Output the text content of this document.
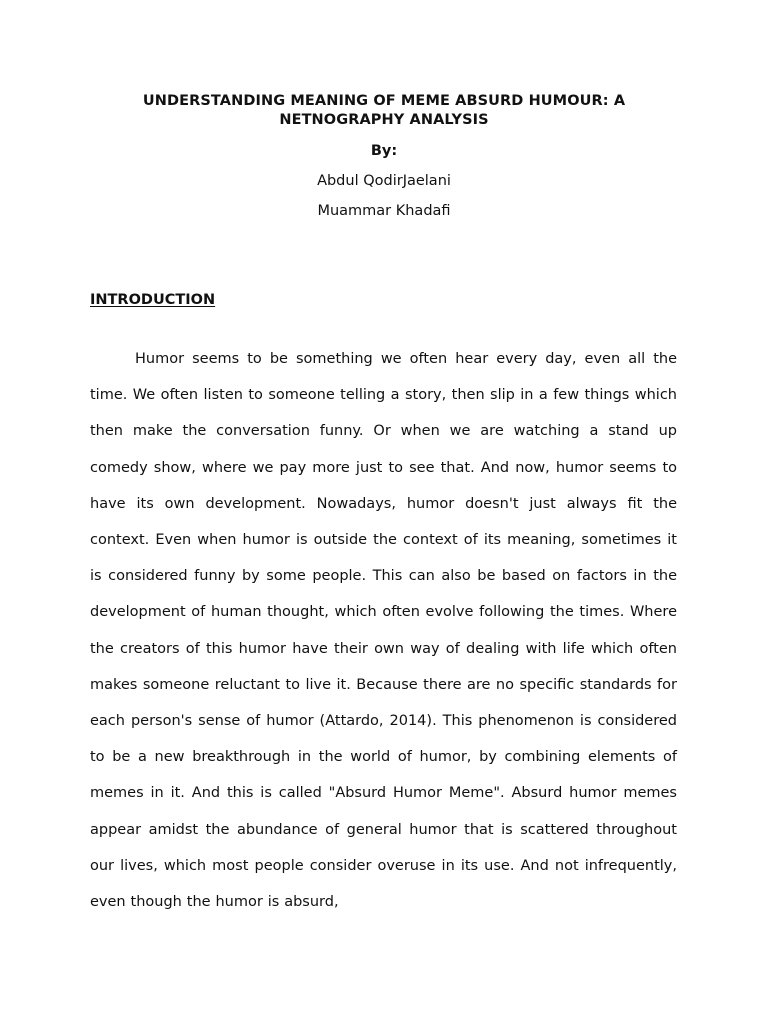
UNDERSTANDING MEANING OF MEME ABSURD HUMOUR: A NETNOGRAPHY ANALYSIS

By:

Abdul QodirJaelani

Muammar Khadafi

INTRODUCTION

Humor seems to be something we often hear every day, even all the time. We often listen to someone telling a story, then slip in a few things which then make the conversation funny. Or when we are watching a stand up comedy show, where we pay more just to see that. And now, humor seems to have its own development. Nowadays, humor doesn't just always fit the context. Even when humor is outside the context of its meaning, sometimes it is considered funny by some people. This can also be based on factors in the development of human thought, which often evolve following the times. Where the creators of this humor have their own way of dealing with life which often makes someone reluctant to live it. Because there are no specific standards for each person's sense of humor (Attardo, 2014). This phenomenon is considered to be a new breakthrough in the world of humor, by combining elements of memes in it. And this is called "Absurd Humor Meme". Absurd humor memes appear amidst the abundance of general humor that is scattered throughout our lives, which most people consider overuse in its use. And not infrequently, even though the humor is absurd,
